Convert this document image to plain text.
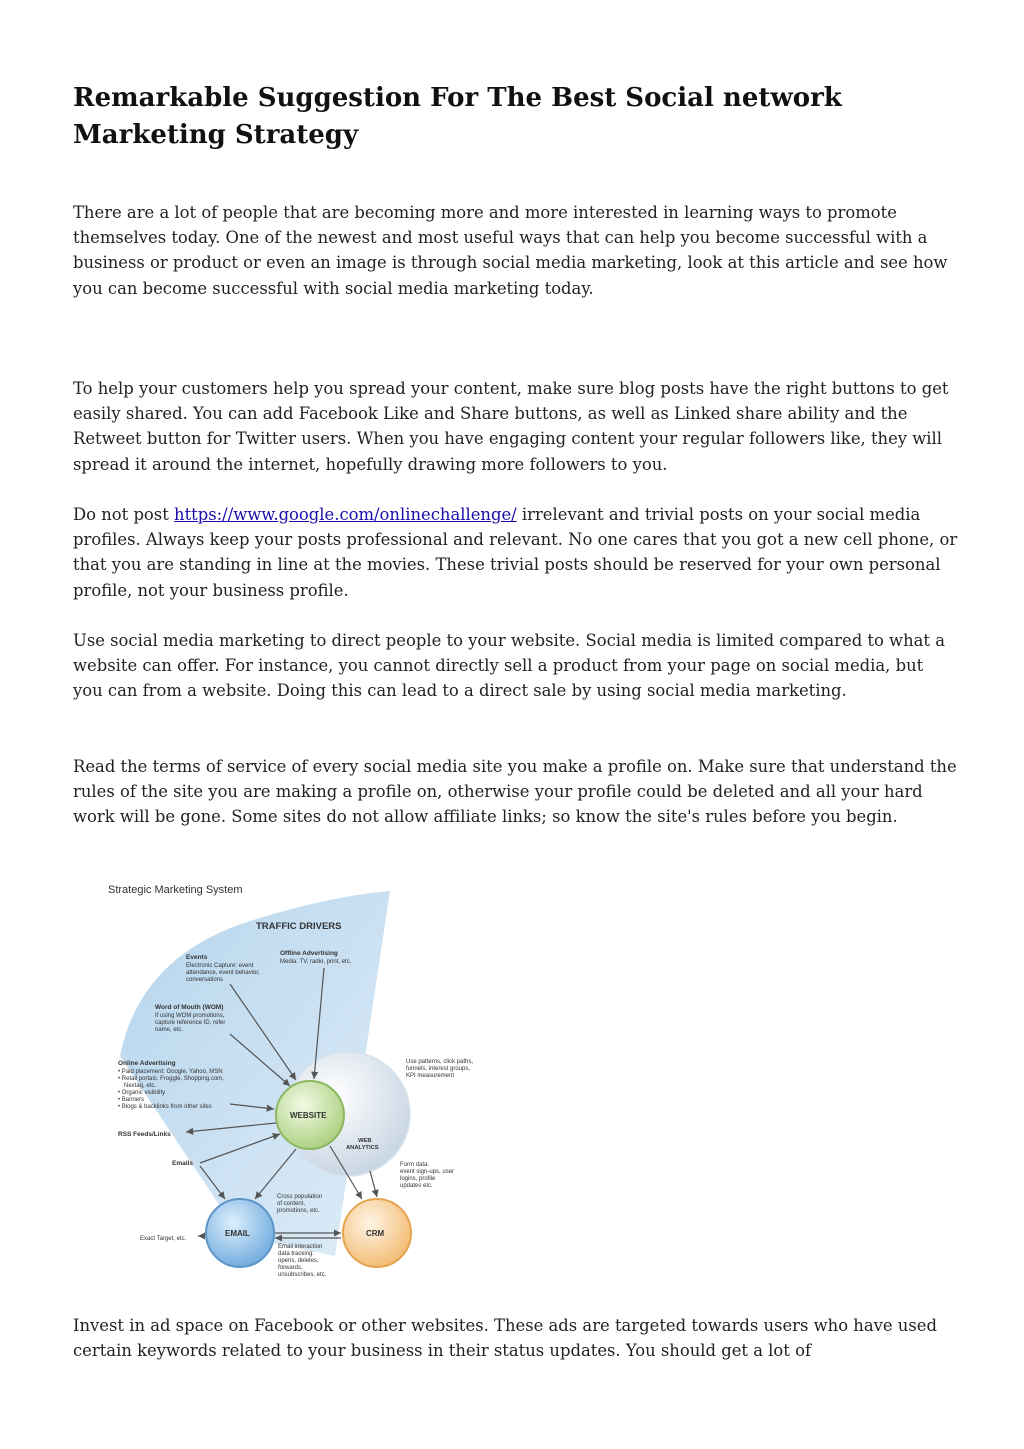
Remarkable Suggestion For The Best Social network Marketing Strategy

There are a lot of people that are becoming more and more interested in learning ways to promote themselves today. One of the newest and most useful ways that can help you become successful with a business or product or even an image is through social media marketing, look at this article and see how you can become successful with social media marketing today.

To help your customers help you spread your content, make sure blog posts have the right buttons to get easily shared. You can add Facebook Like and Share buttons, as well as Linked share ability and the Retweet button for Twitter users. When you have engaging content your regular followers like, they will spread it around the internet, hopefully drawing more followers to you.

Do not post https://www.google.com/onlinechallenge/ irrelevant and trivial posts on your social media profiles. Always keep your posts professional and relevant. No one cares that you got a new cell phone, or that you are standing in line at the movies. These trivial posts should be reserved for your own personal profile, not your business profile.

Use social media marketing to direct people to your website. Social media is limited compared to what a website can offer. For instance, you cannot directly sell a product from your page on social media, but you can from a website. Doing this can lead to a direct sale by using social media marketing.

Read the terms of service of every social media site you make a profile on. Make sure that understand the rules of the site you are making a profile on, otherwise your profile could be deleted and all your hard work will be gone. Some sites do not allow affiliate links; so know the site's rules before you begin.

Strategic Marketing System
TRAFFIC DRIVERS
Events
Electronic Capture: event
attendance, event behavior,
conversations
Offline Advertising
Media: TV, radio, print, etc.
Word of Mouth (WOM)
If using WOM promotions,
capture reference ID, refer
name, etc.
Online Advertising
• Paid placement: Google, Yahoo, MSN
• Retail portals: Froggle, Shopping.com,
Nextag, etc.
• Organic visibility
• Banners
• Blogs & backlinks from other sites
RSS Feeds/Links
Emails
WEB
ANALYTICS
WEBSITE
Use patterns, click paths,
funnels, interest groups,
KPI measurement
Form data:
event sign-ups, user
logins, profile
updates etc.
Cross population
of content,
promotions, etc.
EMAIL	CRM
Exact Target, etc.
Email interaction
data tracking:
opens, deletes,
forwards,
unsubscribes, etc.

Invest in ad space on Facebook or other websites. These ads are targeted towards users who have used certain keywords related to your business in their status updates. You should get a lot of
